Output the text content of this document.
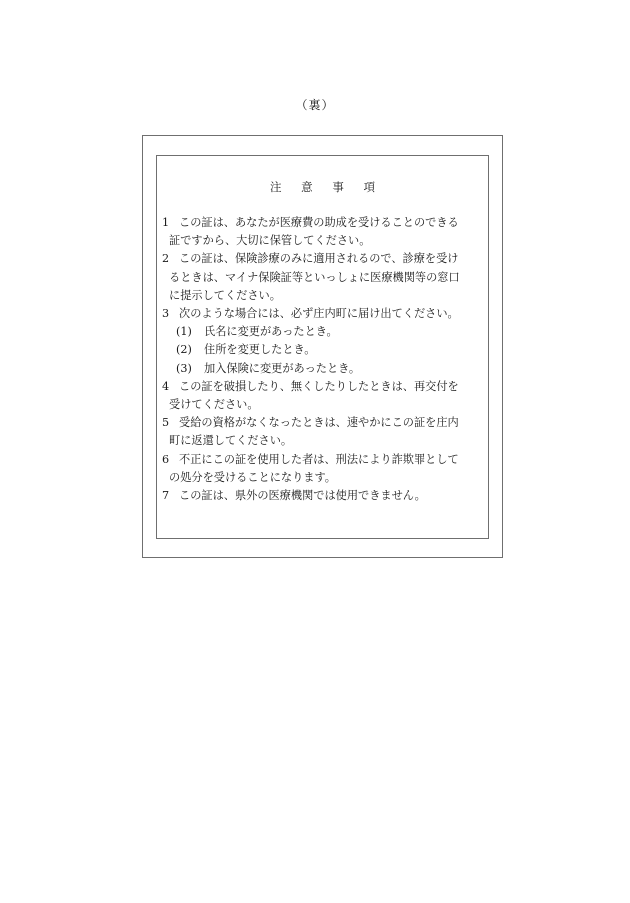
（裏）
注 意 事 項
1 この証は、あなたが医療費の助成を受けることのできる
証ですから、大切に保管してください。
2 この証は、保険診療のみに適用されるので、診療を受け
るときは、マイナ保険証等といっしょに医療機関等の窓口
に提示してください。
3 次のような場合には、必ず庄内町に届け出てください。
(1)	氏名に変更があったとき。
(2)	住所を変更したとき。
(3)	加入保険に変更があったとき。
4 この証を破損したり、無くしたりしたときは、再交付を
受けてください。
5 受給の資格がなくなったときは、速やかにこの証を庄内
町に返還してください。
6 不正にこの証を使用した者は、刑法により詐欺罪として
の処分を受けることになります。
7 この証は、県外の医療機関では使用できません。
